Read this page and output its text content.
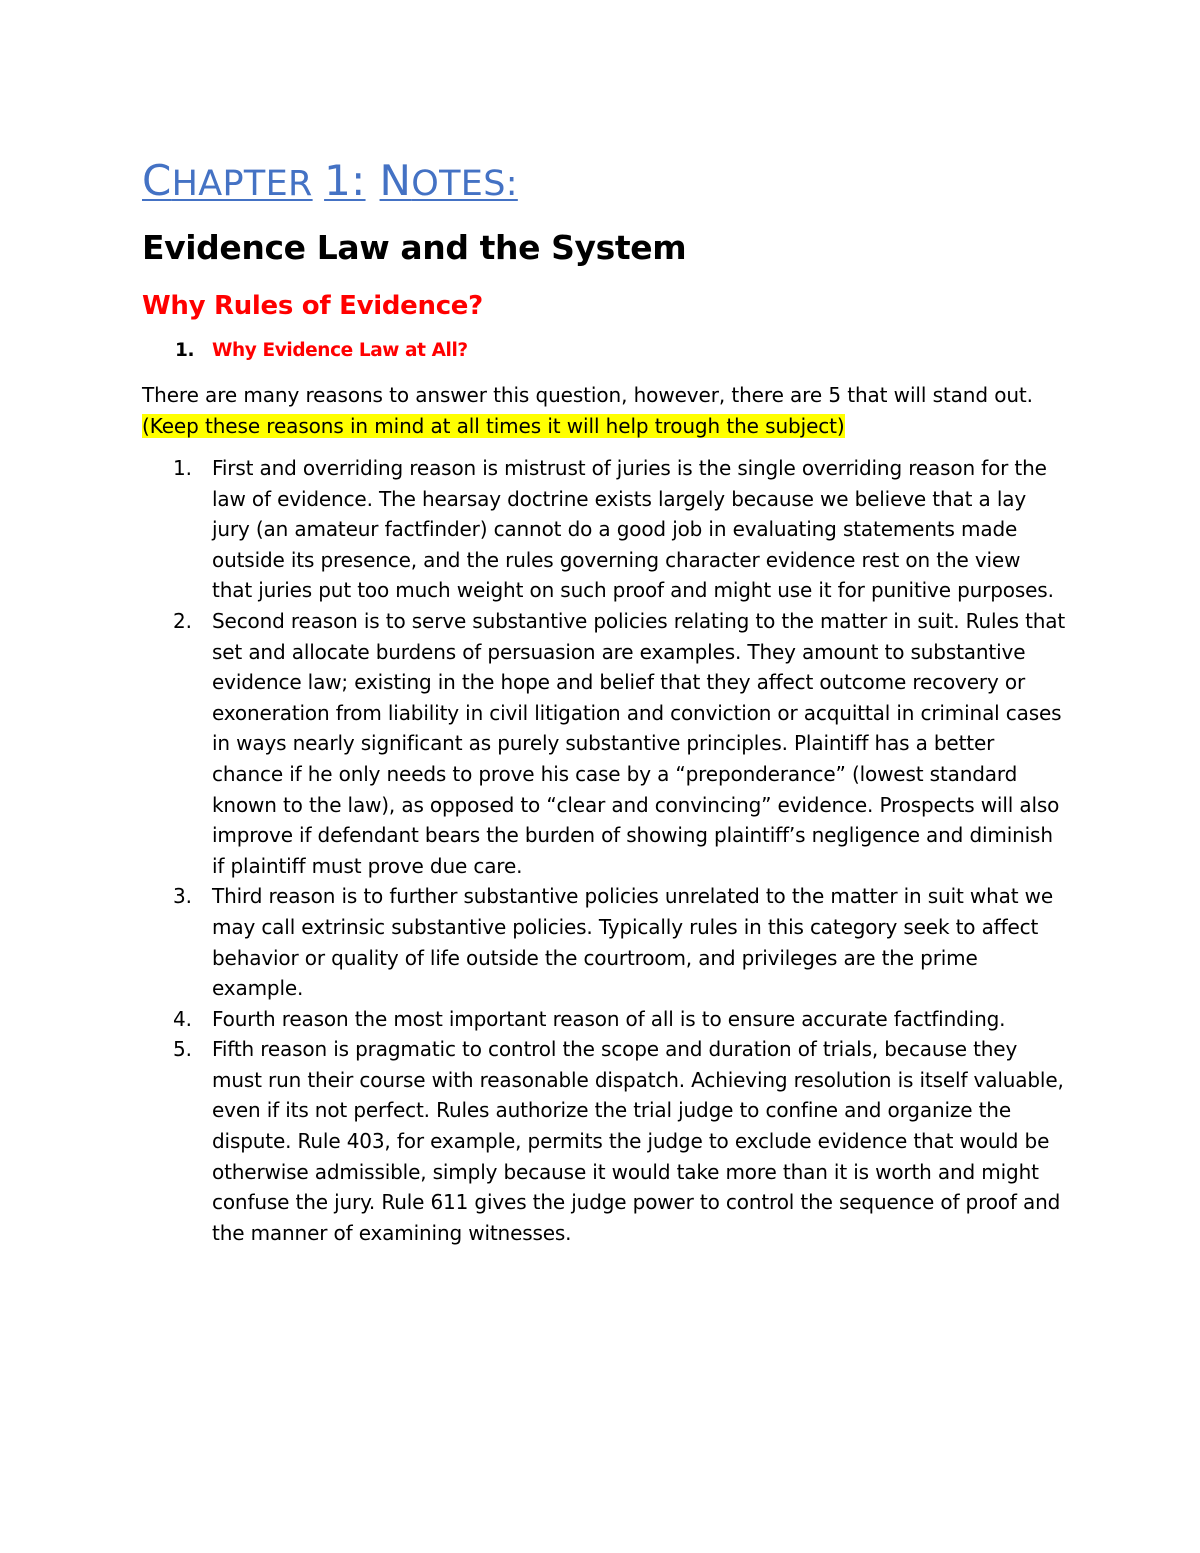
CHAPTER 1: NOTES:
Evidence Law and the System
Why Rules of Evidence?
1. Why Evidence Law at All?

There are many reasons to answer this question, however, there are 5 that will stand out. (Keep these reasons in mind at all times it will help trough the subject)

1.	First and overriding reason is mistrust of juries is the single overriding reason for the law of evidence. The hearsay doctrine exists largely because we believe that a lay jury (an amateur factfinder) cannot do a good job in evaluating statements made outside its presence, and the rules governing character evidence rest on the view that juries put too much weight on such proof and might use it for punitive purposes.
2.	Second reason is to serve substantive policies relating to the matter in suit. Rules that set and allocate burdens of persuasion are examples. They amount to substantive evidence law; existing in the hope and belief that they affect outcome recovery or exoneration from liability in civil litigation and conviction or acquittal in criminal cases in ways nearly significant as purely substantive principles. Plaintiff has a better chance if he only needs to prove his case by a “preponderance” (lowest standard known to the law), as opposed to “clear and convincing” evidence. Prospects will also improve if defendant bears the burden of showing plaintiff’s negligence and diminish if plaintiff must prove due care.
3.	Third reason is to further substantive policies unrelated to the matter in suit what we may call extrinsic substantive policies. Typically rules in this category seek to affect behavior or quality of life outside the courtroom, and privileges are the prime example.
4.	Fourth reason the most important reason of all is to ensure accurate factfinding.
5.	Fifth reason is pragmatic to control the scope and duration of trials, because they must run their course with reasonable dispatch. Achieving resolution is itself valuable, even if its not perfect. Rules authorize the trial judge to confine and organize the dispute. Rule 403, for example, permits the judge to exclude evidence that would be otherwise admissible, simply because it would take more than it is worth and might confuse the jury. Rule 611 gives the judge power to control the sequence of proof and the manner of examining witnesses.
